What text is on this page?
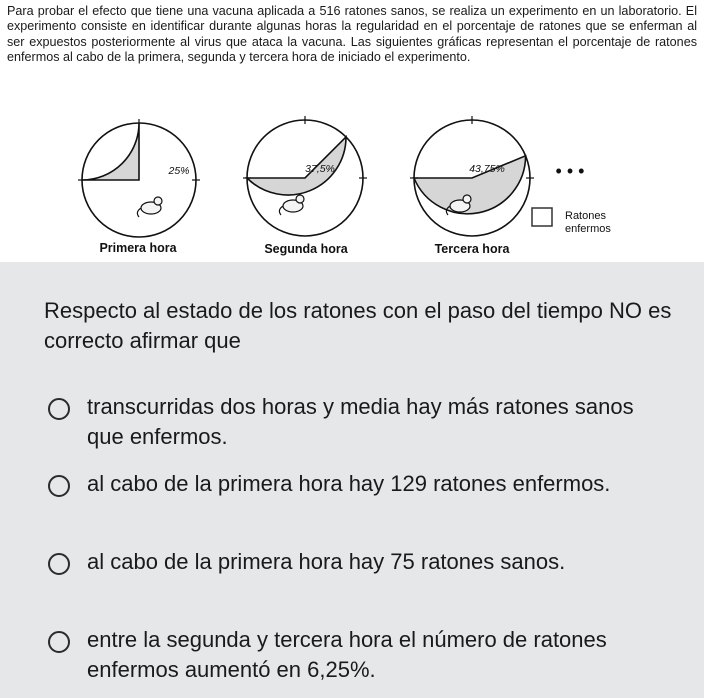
Para probar el efecto que tiene una vacuna aplicada a 516 ratones sanos, se realiza un experimento en un laboratorio. El experimento consiste en identificar durante algunas horas la regularidad en el porcentaje de ratones que se enferman al ser expuestos posteriormente al virus que ataca la vacuna. Las siguientes gráficas representan el porcentaje de ratones enfermos al cabo de la primera, segunda y tercera hora de iniciado el experimento.

25%	37,5%	43,75%
Primera hora	Segunda hora	Tercera hora
• • •
Ratones
enfermos

Respecto al estado de los ratones con el paso del tiempo NO es correcto afirmar que

transcurridas dos horas y media hay más ratones sanos que enfermos.
al cabo de la primera hora hay 129 ratones enfermos.
al cabo de la primera hora hay 75 ratones sanos.
entre la segunda y tercera hora el número de ratones enfermos aumentó en 6,25%.
